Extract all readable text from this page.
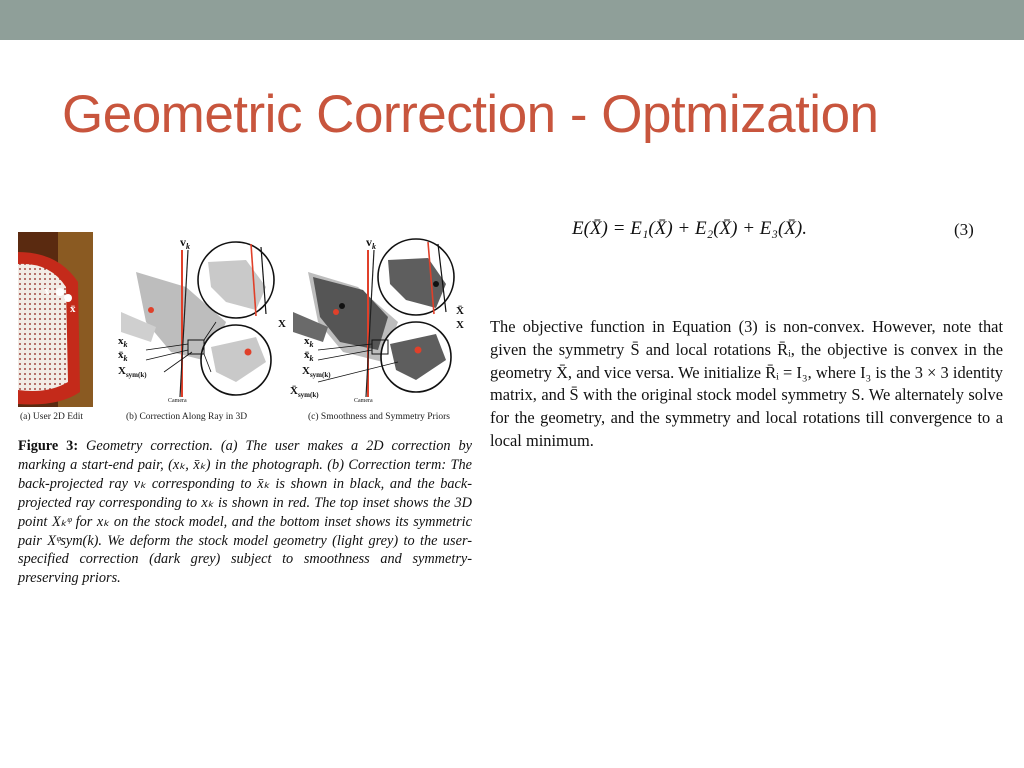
Geometric Correction - Optmization
x
x̄
$v_k$
$x_k$
$x̄_k$
$X_{sym(k)}$
X
Camera
$v_k$
$x_k$
$x̄_k$
$X_{sym(k)}$
$X̄_{sym(k)}$
X̄
X
Camera
(a) User 2D Edit	(b) Correction Along Ray in 3D	(c) Smoothness and Symmetry Priors
Figure 3: Geometry correction. (a) The user makes a 2D correction by marking a start-end pair, (xₖ, x̄ₖ) in the photograph. (b) Correction term: The back-projected ray vₖ corresponding to x̄ₖ is shown in black, and the back-projected ray corresponding to xₖ is shown in red. The top inset shows the 3D point Xₖᵠ for xₖ on the stock model, and the bottom inset shows its symmetric pair Xᵠsym(k). We deform the stock model geometry (light grey) to the user-specified correction (dark grey) subject to smoothness and symmetry-preserving priors.
E(X̄) = E₁(X̄) + E₂(X̄) + E₃(X̄).	(3)
The objective function in Equation (3) is non-convex. However, note that given the symmetry S̄ and local rotations R̄ᵢ, the objective is convex in the geometry X̄, and vice versa. We initialize R̄ᵢ = I₃, where I₃ is the 3 × 3 identity matrix, and S̄ with the original stock model symmetry S. We alternately solve for the geometry, and the symmetry and local rotations till convergence to a local minimum.
